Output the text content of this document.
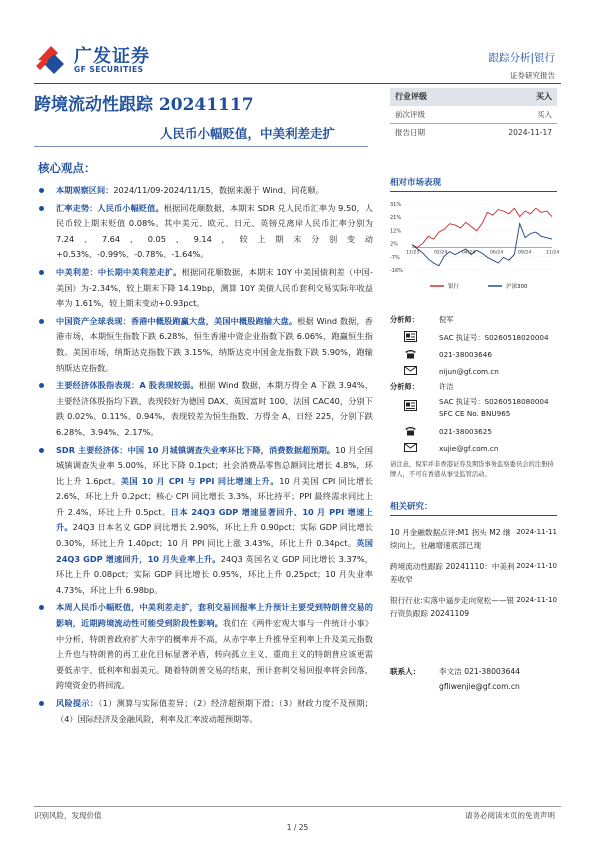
广发证券
GF SECURITIES
跟踪分析|银行
证券研究报告
跨境流动性跟踪 20241117
人民币小幅贬值，中美利差走扩
行业评级	买入
前次评级	买入
报告日期	2024-11-17
核心观点：
本期观察区间：2024/11/09-2024/11/15，数据来源于 Wind、同花顺。
汇率走势：人民币小幅贬值。根据同花顺数据，本期末 SDR 兑人民币汇率为 9.50，人民币较上期末贬值 0.08%。其中美元、欧元、日元、英镑兑离岸人民币汇率分别为 7.24、7.64、0.05、9.14，较上期末分别变动+0.53%、-0.99%、-0.78%、-1.64%。
中美利差：中长期中美利差走扩。根据同花顺数据，本期末 10Y 中美国债利差（中国-美国）为-2.34%，较上期末下降 14.19bp，测算 10Y 美债人民币套利交易实际年收益率为 1.61%，较上期末变动+0.93pct。
中国资产全球表现：香港中概股跑赢大盘，美国中概股跑输大盘。根据 Wind 数据，香港市场，本期恒生指数下跌 6.28%，恒生香港中资企业指数下跌 6.06%，跑赢恒生指数。美国市场，纳斯达克指数下跌 3.15%，纳斯达克中国金龙指数下跌 5.90%，跑输纳斯达克指数。
主要经济体股指表现：A 股表现较弱。根据 Wind 数据，本期万得全 A 下跌 3.94%，主要经济体股指均下跌，表现较好为德国 DAX、英国富时 100、法国 CAC40，分别下跌 0.02%、0.11%、0.94%，表现较差为恒生指数、万得全 A、日经 225，分别下跌 6.28%、3.94%、2.17%。
SDR 主要经济体：中国 10 月城镇调查失业率环比下降，消费数据超预期。10 月全国城镇调查失业率 5.00%，环比下降 0.1pct；社会消费品零售总额同比增长 4.8%，环比上升 1.6pct。美国 10 月 CPI 与 PPI 同比增速上升。10 月美国 CPI 同比增长 2.6%，环比上升 0.2pct；核心 CPI 同比增长 3.3%，环比持平；PPI 最终需求同比上升 2.4%，环比上升 0.5pct。日本 24Q3 GDP 增速显著回升、10 月 PPI 增速上升。24Q3 日本名义 GDP 同比增长 2.90%，环比上升 0.90pct；实际 GDP 同比增长 0.30%，环比上升 1.40pct；10 月 PPI 同比上涨 3.43%，环比上升 0.34pct。英国 24Q3 GDP 增速回升，10 月失业率上升。24Q3 英国名义 GDP 同比增长 3.37%，环比上升 0.08pct；实际 GDP 同比增长 0.95%，环比上升 0.25pct；10 月失业率 4.73%，环比上升 6.98bp。
本周人民币小幅贬值，中美利差走扩，套利交易回报率上升预计主要受到特朗普交易的影响，近期跨境流动性可能受到阶段性影响。我们在《两件宏观大事与一件统计小事》中分析，特朗普政府扩大赤字的概率并不高，从赤字率上升推导至利率上升及美元指数上升也与特朗普的再工业化目标显著矛盾，转向孤立主义、重商主义的特朗普应该更需要低赤字、低利率和弱美元。随着特朗普交易的结束，预计套利交易回报率将会回落，跨境资金仍将回流。
风险提示：（1）测算与实际值差异；（2）经济超预期下滑；（3）财政力度不及预期；（4）国际经济及金融风险，利率及汇率波动超预期等。
相对市场表现
31%
21%
12%
2%
-7%
-16%
11/23	02/24	04/24	06/24	09/24	11/24
银行	沪深300
分析师：	倪军
SAC 执证号：S0260518020004
021-38003646
nijun@gf.com.cn
分析师：	许洁
SAC 执证号：S0260518080004
SFC CE No. BNU965
021-38003625
xujie@gf.com.cn
请注意，倪军并非香港证券及期货事务监察委员会的注册持牌人，不可在香港从事受监管活动。
相关研究：
10 月金融数据点评:M1 拐头 M2 继续向上，社融增速底部已现
2024-11-11
跨境流动性跟踪 20241110：中美利差收窄
2024-11-10
银行行业:实落中逼步走向宽松——银行资负跟踪 20241109
2024-11-10
联系人： 李文洁 021-38003644
gfliwenjie@gf.com.cn
识别风险，发现价值	请务必阅读末页的免责声明
1 / 25
